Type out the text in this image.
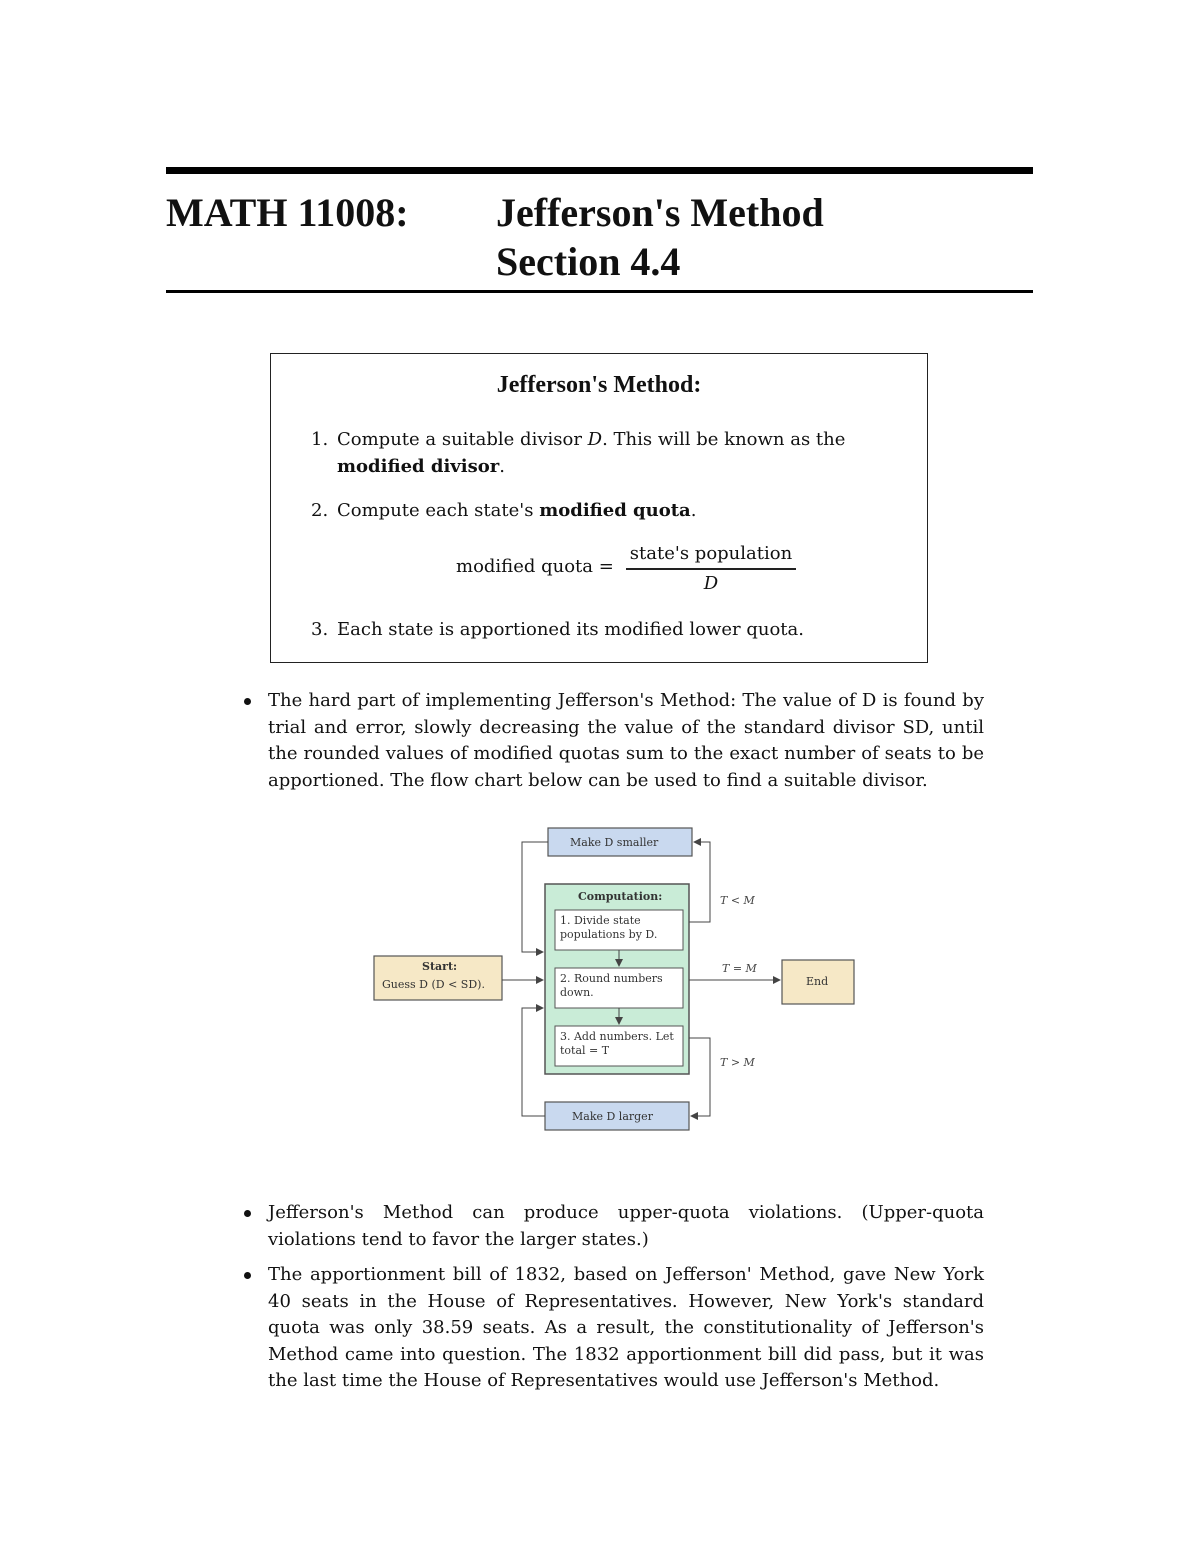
MATH 11008: Jefferson's Method
Section 4.4
Jefferson's Method:
1. Compute a suitable divisor D. This will be known as the modified divisor.
2. Compute each state's modified quota.
modified quota =
state's population
D
3. Each state is apportioned its modified lower quota.
The hard part of implementing Jefferson's Method: The value of D is found by trial and error, slowly decreasing the value of the standard divisor SD, until the rounded values of modified quotas sum to the exact number of seats to be apportioned. The flow chart below can be used to find a suitable divisor.
Make D smaller
Make D larger
Computation:
1. Divide state populations by D.
2. Round numbers down.
3. Add numbers. Let total = T
Start:
Guess D (D < SD).	End
T < M
T = M
T > M
Jefferson's Method can produce upper-quota violations. (Upper-quota violations tend to favor the larger states.)
The apportionment bill of 1832, based on Jefferson' Method, gave New York 40 seats in the House of Representatives. However, New York's standard quota was only 38.59 seats. As a result, the constitutionality of Jefferson's Method came into question. The 1832 apportionment bill did pass, but it was the last time the House of Representatives would use Jefferson's Method.
